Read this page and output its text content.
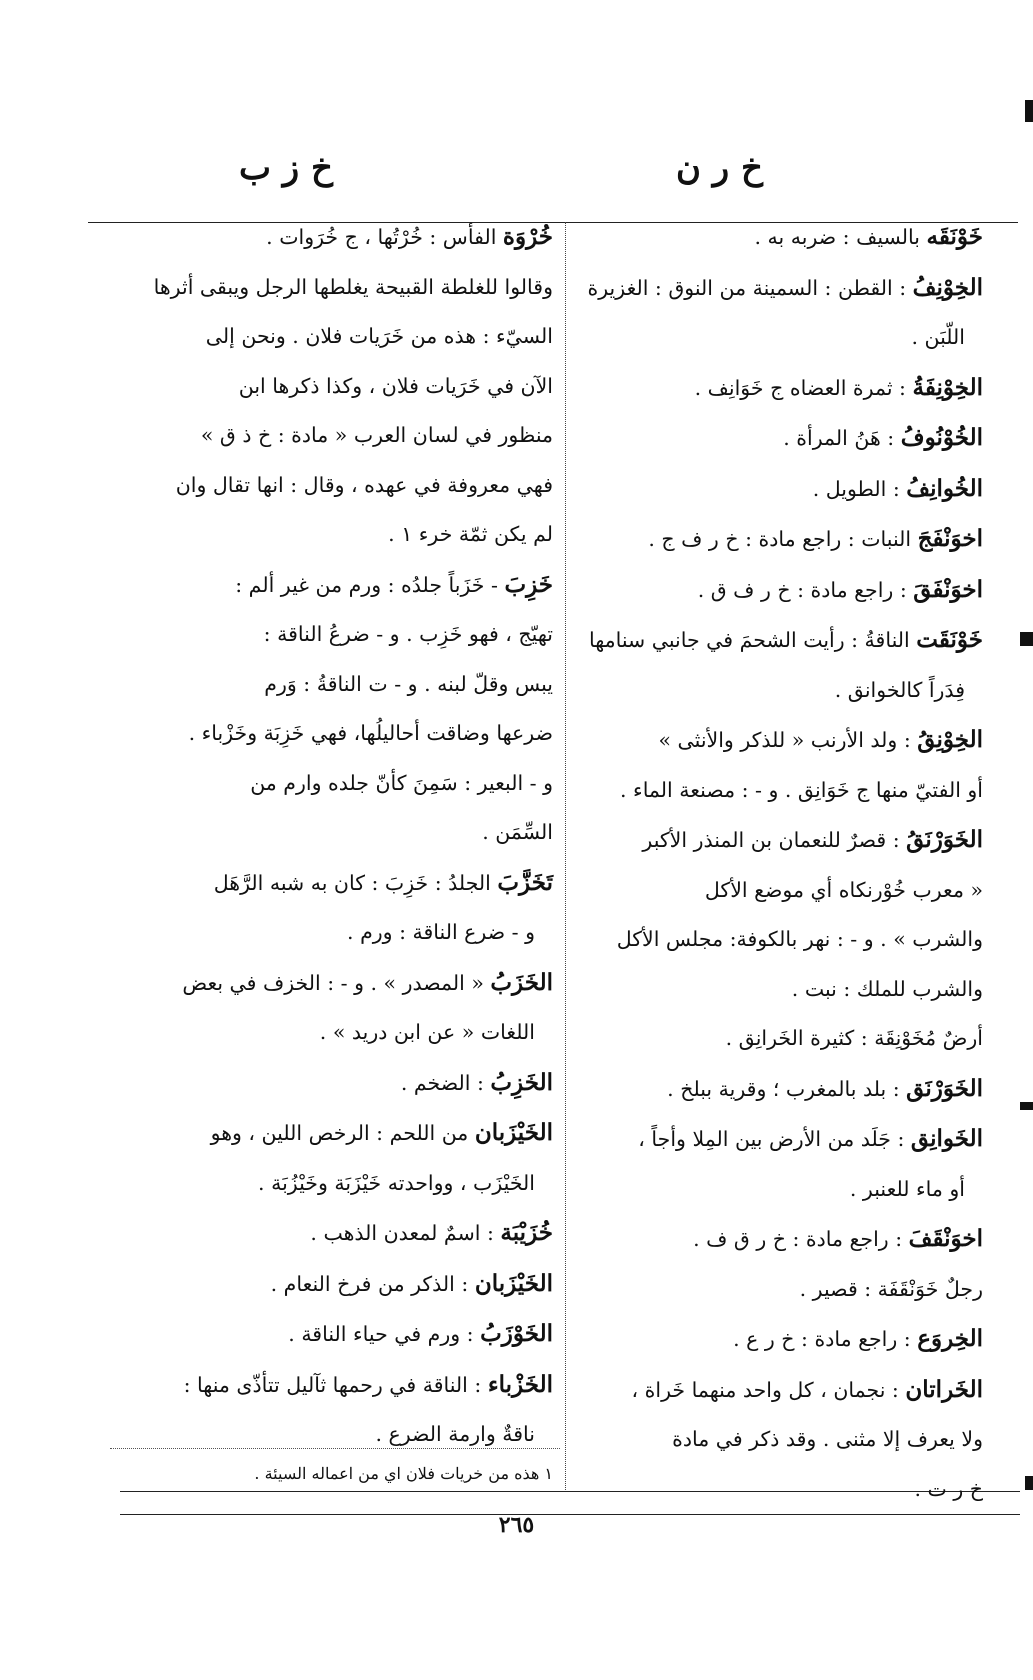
خ ر ن
خ ز ب
خَوْنَقَه بالسيف : ضربه به .
الخِوْنِفُ : القطن : السمينة من النوق : الغزيرة
اللّبَن .
الخِوْنِفَةُ : ثمرة العضاه ج خَوَانِف .
الخُوْنُوفُ : هَنُ المرأة .
الخُوانِفُ : الطويل .
اخوَنْفَجَ النبات : راجع مادة : خ ر ف ج .
اخوَنْفَقَ : راجع مادة : خ ر ف ق .
خَوْنَقَت الناقةُ : رأيت الشحمَ في جانبي سنامها
فِدَراً كالخوانق .
الخِوْنِقُ : ولد الأرنب « للذكر والأنثى »
أو الفتيّ منها ج خَوَانِق . و - : مصنعة الماء .
الخَوَرْنَقُ : قصرٌ للنعمان بن المنذر الأكبر
« معرب خُوْرنكاه أي موضع الأكل
والشرب » . و - : نهر بالكوفة: مجلس الأكل
والشرب للملك : نبت .
أرضٌ مُخَوْنِقَة : كثيرة الخَرانِق .
الخَوَرْنَق : بلد بالمغرب ؛ وقرية ببلخ .
الخَوانِق : جَلَد من الأرض بين المِلا وأجاً ،
أو ماء للعنبر .
اخوَنْقَفَ : راجع مادة : خ ر ق ف .
رجلٌ خَوَنْقَفَة : قصير .
الخِروَع : راجع مادة : خ ر ع .
الخَراتان : نجمان ، كل واحد منهما خَراة ،
ولا يعرف إلا مثنى . وقد ذكر في مادة
خ ر ت .
خُرْوَة الفأس : خُرْتُها ، ج خُرَوات .
وقالوا للغلطة القبيحة يغلطها الرجل ويبقى أثرها
السيّء : هذه من خَرَيات فلان . ونحن إلى
الآن في خَرَيات فلان ، وكذا ذكرها ابن
منظور في لسان العرب « مادة : خ ذ ق »
فهي معروفة في عهده ، وقال : انها تقال وان
لم يكن ثمّة خرء ١ .
خَزِبَ - خَزَباً جلدُه : ورم من غير ألم :
تهيّج ، فهو خَزِب . و - ضرعُ الناقة :
يبس وقلّ لبنه . و - ت الناقةُ : وَرم
ضرعها وضاقت أحاليلُها، فهي خَزِبَة وخَزْباء .
و - البعير : سَمِنَ كأنّ جلده وارم من
السِّمَن .
تَخَزَّبَ الجلدُ : خَزِبَ : كان به شبه الرَّهَل
و - ضرع الناقة : ورم .
الخَزَبُ « المصدر » . و - : الخزف في بعض
اللغات « عن ابن دريد » .
الخَزِبُ : الضخم .
الخَيْزَبان من اللحم : الرخص اللين ، وهو
الخَيْزَب ، وواحدته خَيْزَبَة وخَيْزُبَة .
خُزَيْبَة : اسمٌ لمعدن الذهب .
الخَيْزَبان : الذكر من فرخ النعام .
الخَوْزَبُ : ورم في حياء الناقة .
الخَزْباء : الناقة في رحمها ثآليل تتأذّى منها :
ناقةٌ وارمة الضرع .
١ هذه من خريات فلان اي من اعماله السيئة .
٢٦٥
